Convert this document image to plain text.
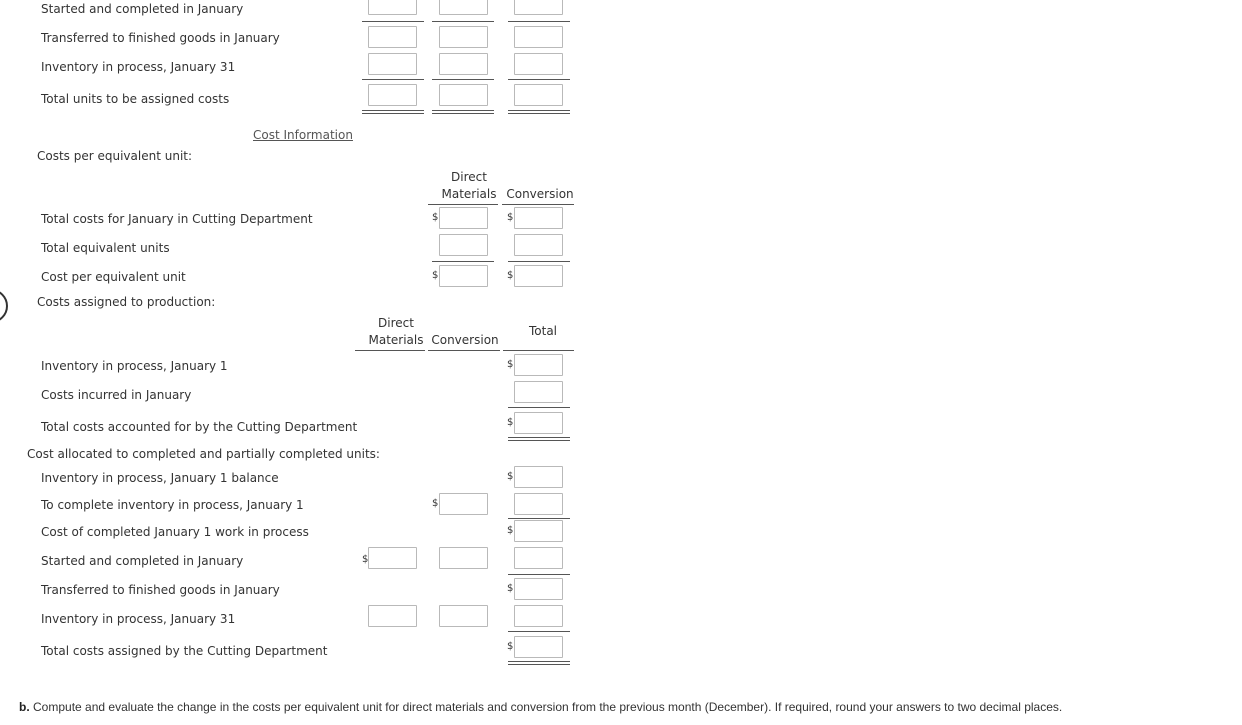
Started and completed in January
Transferred to finished goods in January
Inventory in process, January 31
Total units to be assigned costs
Cost Information
Costs per equivalent unit:
Direct
Materials Conversion
Total costs for January in Cutting Department
Total equivalent units
Cost per equivalent unit
$	$
$	$
Costs assigned to production:
Direct
Materials Conversion
Total
Inventory in process, January 1
Costs incurred in January
Total costs accounted for by the Cutting Department
$
$
Cost allocated to completed and partially completed units:
Inventory in process, January 1 balance
To complete inventory in process, January 1
Cost of completed January 1 work in process
Started and completed in January
Transferred to finished goods in January
Inventory in process, January 31
Total costs assigned by the Cutting Department
$
$
$
$
$
$
b. Compute and evaluate the change in the costs per equivalent unit for direct materials and conversion from the previous month (December). If required, round your answers to two decimal places.
